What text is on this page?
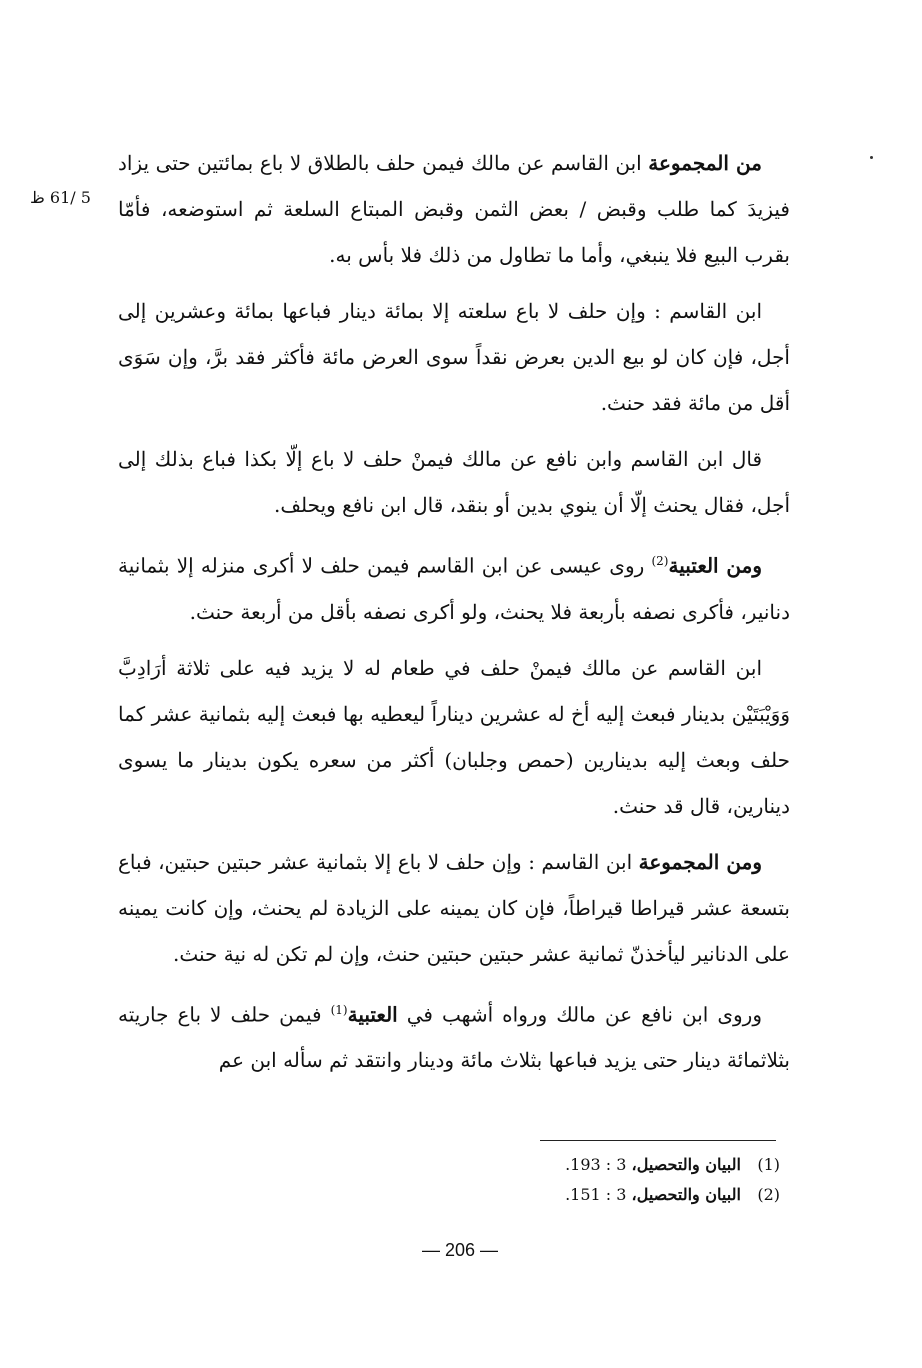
5 /61 ظ

من المجموعة ابن القاسم عن مالك فيمن حلف بالطلاق لا باع بمائتين حتى يزاد فيزيدَ كما طلب وقبض / بعض الثمن وقبض المبتاع السلعة ثم استوضعه، فأمّا بقرب البيع فلا ينبغي، وأما ما تطاول من ذلك فلا بأس به.

ابن القاسم : وإن حلف لا باع سلعته إلا بمائة دينار فباعها بمائة وعشرين إلى أجل، فإن كان لو بيع الدين بعرض نقداً سوى العرض مائة فأكثر فقد برَّ، وإن سَوَى أقل من مائة فقد حنث.

قال ابن القاسم وابن نافع عن مالك فيمنْ حلف لا باع إلّا بكذا فباع بذلك إلى أجل، فقال يحنث إلّا أن ينوي بدين أو بنقد، قال ابن نافع ويحلف.

ومن العتبية$^{(2)}$ روى عيسى عن ابن القاسم فيمن حلف لا أكرى منزله إلا بثمانية دنانير، فأكرى نصفه بأربعة فلا يحنث، ولو أكرى نصفه بأقل من أربعة حنث.

ابن القاسم عن مالك فيمنْ حلف في طعام له لا يزيد فيه على ثلاثة أرَادِبَّ وَوَيْبَتَيْن بدينار فبعث إليه أخ له عشرين ديناراً ليعطيه بها فبعث إليه بثمانية عشر كما حلف وبعث إليه بدينارين (حمص وجلبان) أكثر من سعره يكون بدينار ما يسوى دينارين، قال قد حنث.

ومن المجموعة ابن القاسم : وإن حلف لا باع إلا بثمانية عشر حبتين حبتين، فباع بتسعة عشر قيراطا قيراطاً، فإن كان يمينه على الزيادة لم يحنث، وإن كانت يمينه على الدنانير ليأخذنّ ثمانية عشر حبتين حبتين حنث، وإن لم تكن له نية حنث.

وروى ابن نافع عن مالك ورواه أشهب في العتبية$^{(1)}$ فيمن حلف لا باع جاريته بثلاثمائة دينار حتى يزيد فباعها بثلاث مائة ودينار وانتقد ثم سأله ابن عم

(1) البيان والتحصيل، 3 : 193.
(2) البيان والتحصيل، 3 : 151.
— 206 —
